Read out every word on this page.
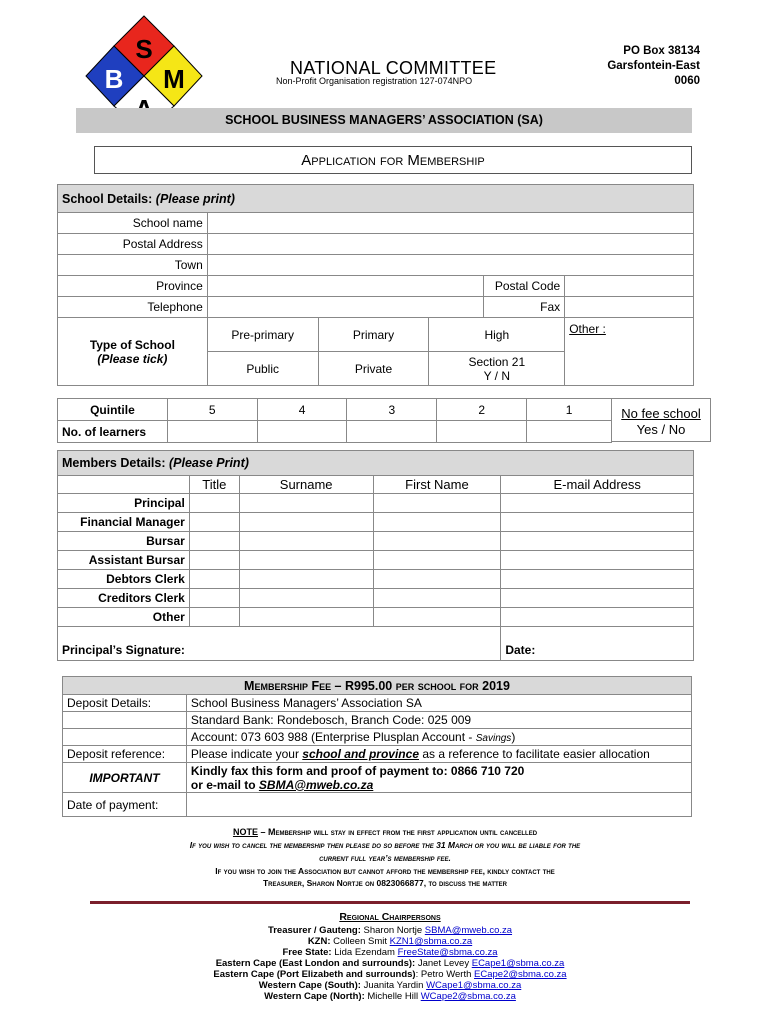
S
B M	NATIONAL COMMITTEE
Non-Profit Organisation registration 127-074NPO
PO Box 38134
Garsfontein-East
0060
SCHOOL BUSINESS MANAGERS’ ASSOCIATION (SA)
Application for Membership
School Details: (Please print)					
School name					
Postal Address					
Town					
Province				Postal Code	
Telephone				Fax	

Type of School
(Please tick)	Pre-primary	Primary	High		Other :
	Public	Private	Section 21
Y / N		
Quintile	5	4	3	2	1
No. of learners					
No fee school
Yes / No
Members Details: (Please Print)				
	Title	Surname	First Name	E-mail Address
Principal				
Financial Manager				
Bursar				
Assistant Bursar				
Debtors Clerk				
Creditors Clerk				
Other				
Principal’s Signature:				Date:
Membership Fee – R995.00 per school for 2019	
Deposit Details:	School Business Managers’ Association SA
	Standard Bank: Rondebosch, Branch Code: 025 009
	Account: 073 603 988 (Enterprise Plusplan Account - Savings)
Deposit reference:	Please indicate your school and province as a reference to facilitate easier allocation
IMPORTANT	Kindly fax this form and proof of payment to: 0866 710 720
or e-mail to SBMA@mweb.co.za

Date of payment:	
NOTE – Membership will stay in effect from the first application until cancelled
If you wish to cancel the membership then please do so before the 31 March or you will be liable for the
current full year’s membership fee.
If you wish to join the Association but cannot afford the membership fee, kindly contact the
Treasurer, Sharon Nortje on 0823066877, to discuss the matter
Regional Chairpersons
Treasurer / Gauteng: Sharon Nortje SBMA@mweb.co.za
KZN: Colleen Smit KZN1@sbma.co.za
Free State: Lida Ezendam FreeState@sbma.co.za
Eastern Cape (East London and surrounds): Janet Levey ECape1@sbma.co.za
Eastern Cape (Port Elizabeth and surrounds): Petro Werth ECape2@sbma.co.za
Western Cape (South): Juanita Yardin WCape1@sbma.co.za
Western Cape (North): Michelle Hill WCape2@sbma.co.za
